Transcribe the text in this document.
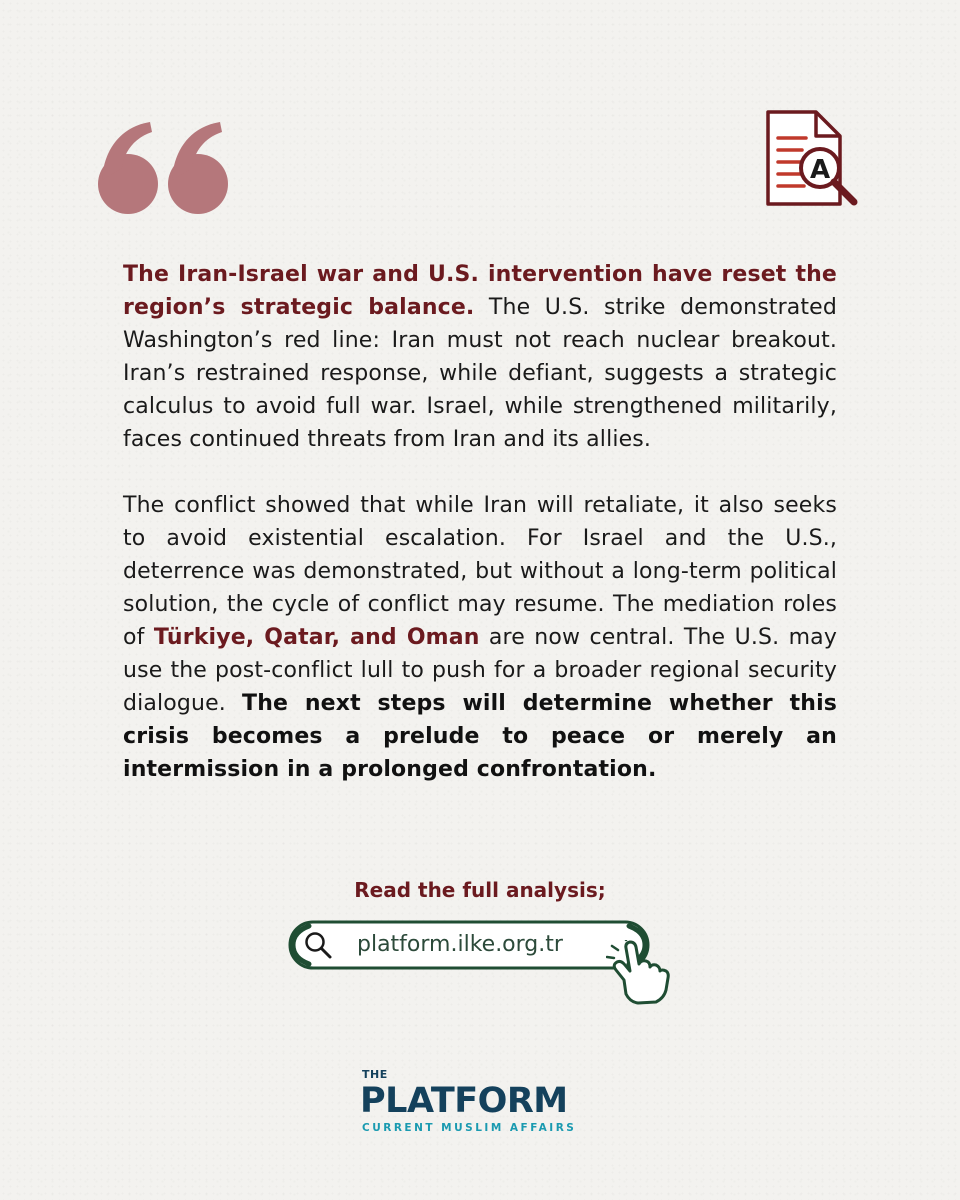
A

The Iran-Israel war and U.S. intervention have reset the region’s strategic balance. The U.S. strike demonstrated Washington’s red line: Iran must not reach nuclear breakout. Iran’s restrained response, while defiant, suggests a strategic calculus to avoid full war. Israel, while strengthened militarily, faces continued threats from Iran and its allies.

The conflict showed that while Iran will retaliate, it also seeks to avoid existential escalation. For Israel and the U.S., deterrence was demonstrated, but without a long-term political solution, the cycle of conflict may resume. The mediation roles of Türkiye, Qatar, and Oman are now central. The U.S. may use the post-conflict lull to push for a broader regional security dialogue. The next steps will determine whether this crisis becomes a prelude to peace or merely an intermission in a prolonged confrontation.

Read the full analysis;
platform.ilke.org.tr
THE
PLATFORM
CURRENT MUSLIM AFFAIRS
